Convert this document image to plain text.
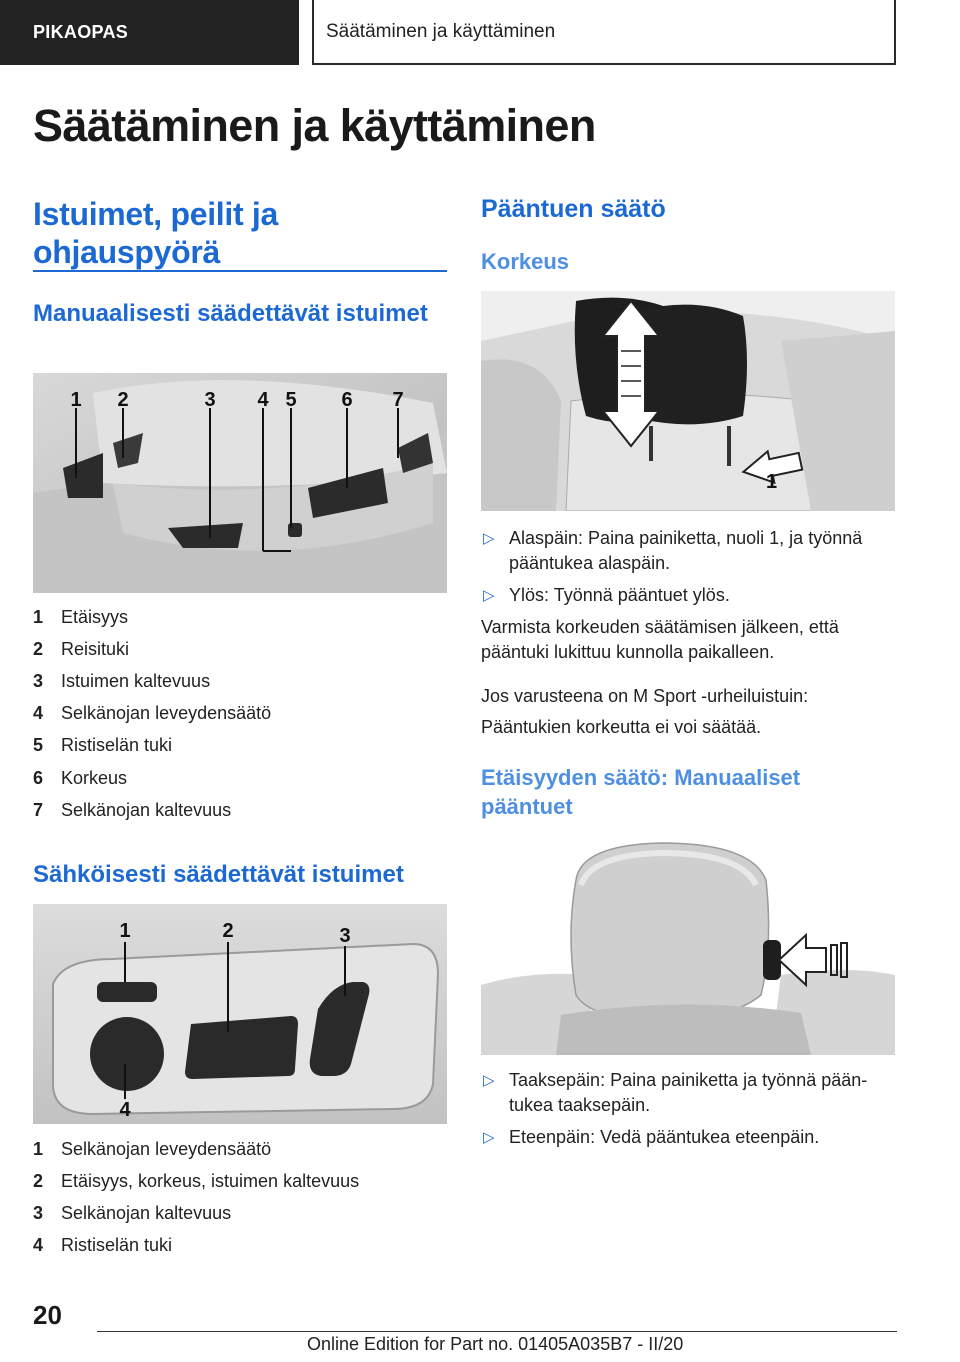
PIKAOPAS	Säätäminen ja käyttäminen
Säätäminen ja käyttäminen
Istuimet, peilit ja ohjauspyörä
Manuaalisesti säädettävät istuimet
1 2	3 4 5 6 7
1 Etäisyys
2 Reisituki
3 Istuimen kaltevuus
4 Selkänojan leveydensäätö
5 Ristiselän tuki
6 Korkeus
7 Selkänojan kaltevuus
Sähköisesti säädettävät istuimet
1	2	3
4
1 Selkänojan leveydensäätö
2 Etäisyys, korkeus, istuimen kaltevuus
3 Selkänojan kaltevuus
4 Ristiselän tuki
Pääntuen säätö
Korkeus
1
▷ Alaspäin: Paina painiketta, nuoli 1, ja työnnä pääntukea alaspäin.
▷ Ylös: Työnnä pääntuet ylös.
Varmista korkeuden säätämisen jälkeen, että pääntuki lukittuu kunnolla paikalleen.
Jos varusteena on M Sport -urheiluistuin:
Pääntukien korkeutta ei voi säätää.
Etäisyyden säätö: Manuaaliset pääntuet
▷ Taaksepäin: Paina painiketta ja työnnä pääntukea taaksepäin.
▷ Eteenpäin: Vedä pääntukea eteenpäin.
20
Online Edition for Part no. 01405A035B7 - II/20
